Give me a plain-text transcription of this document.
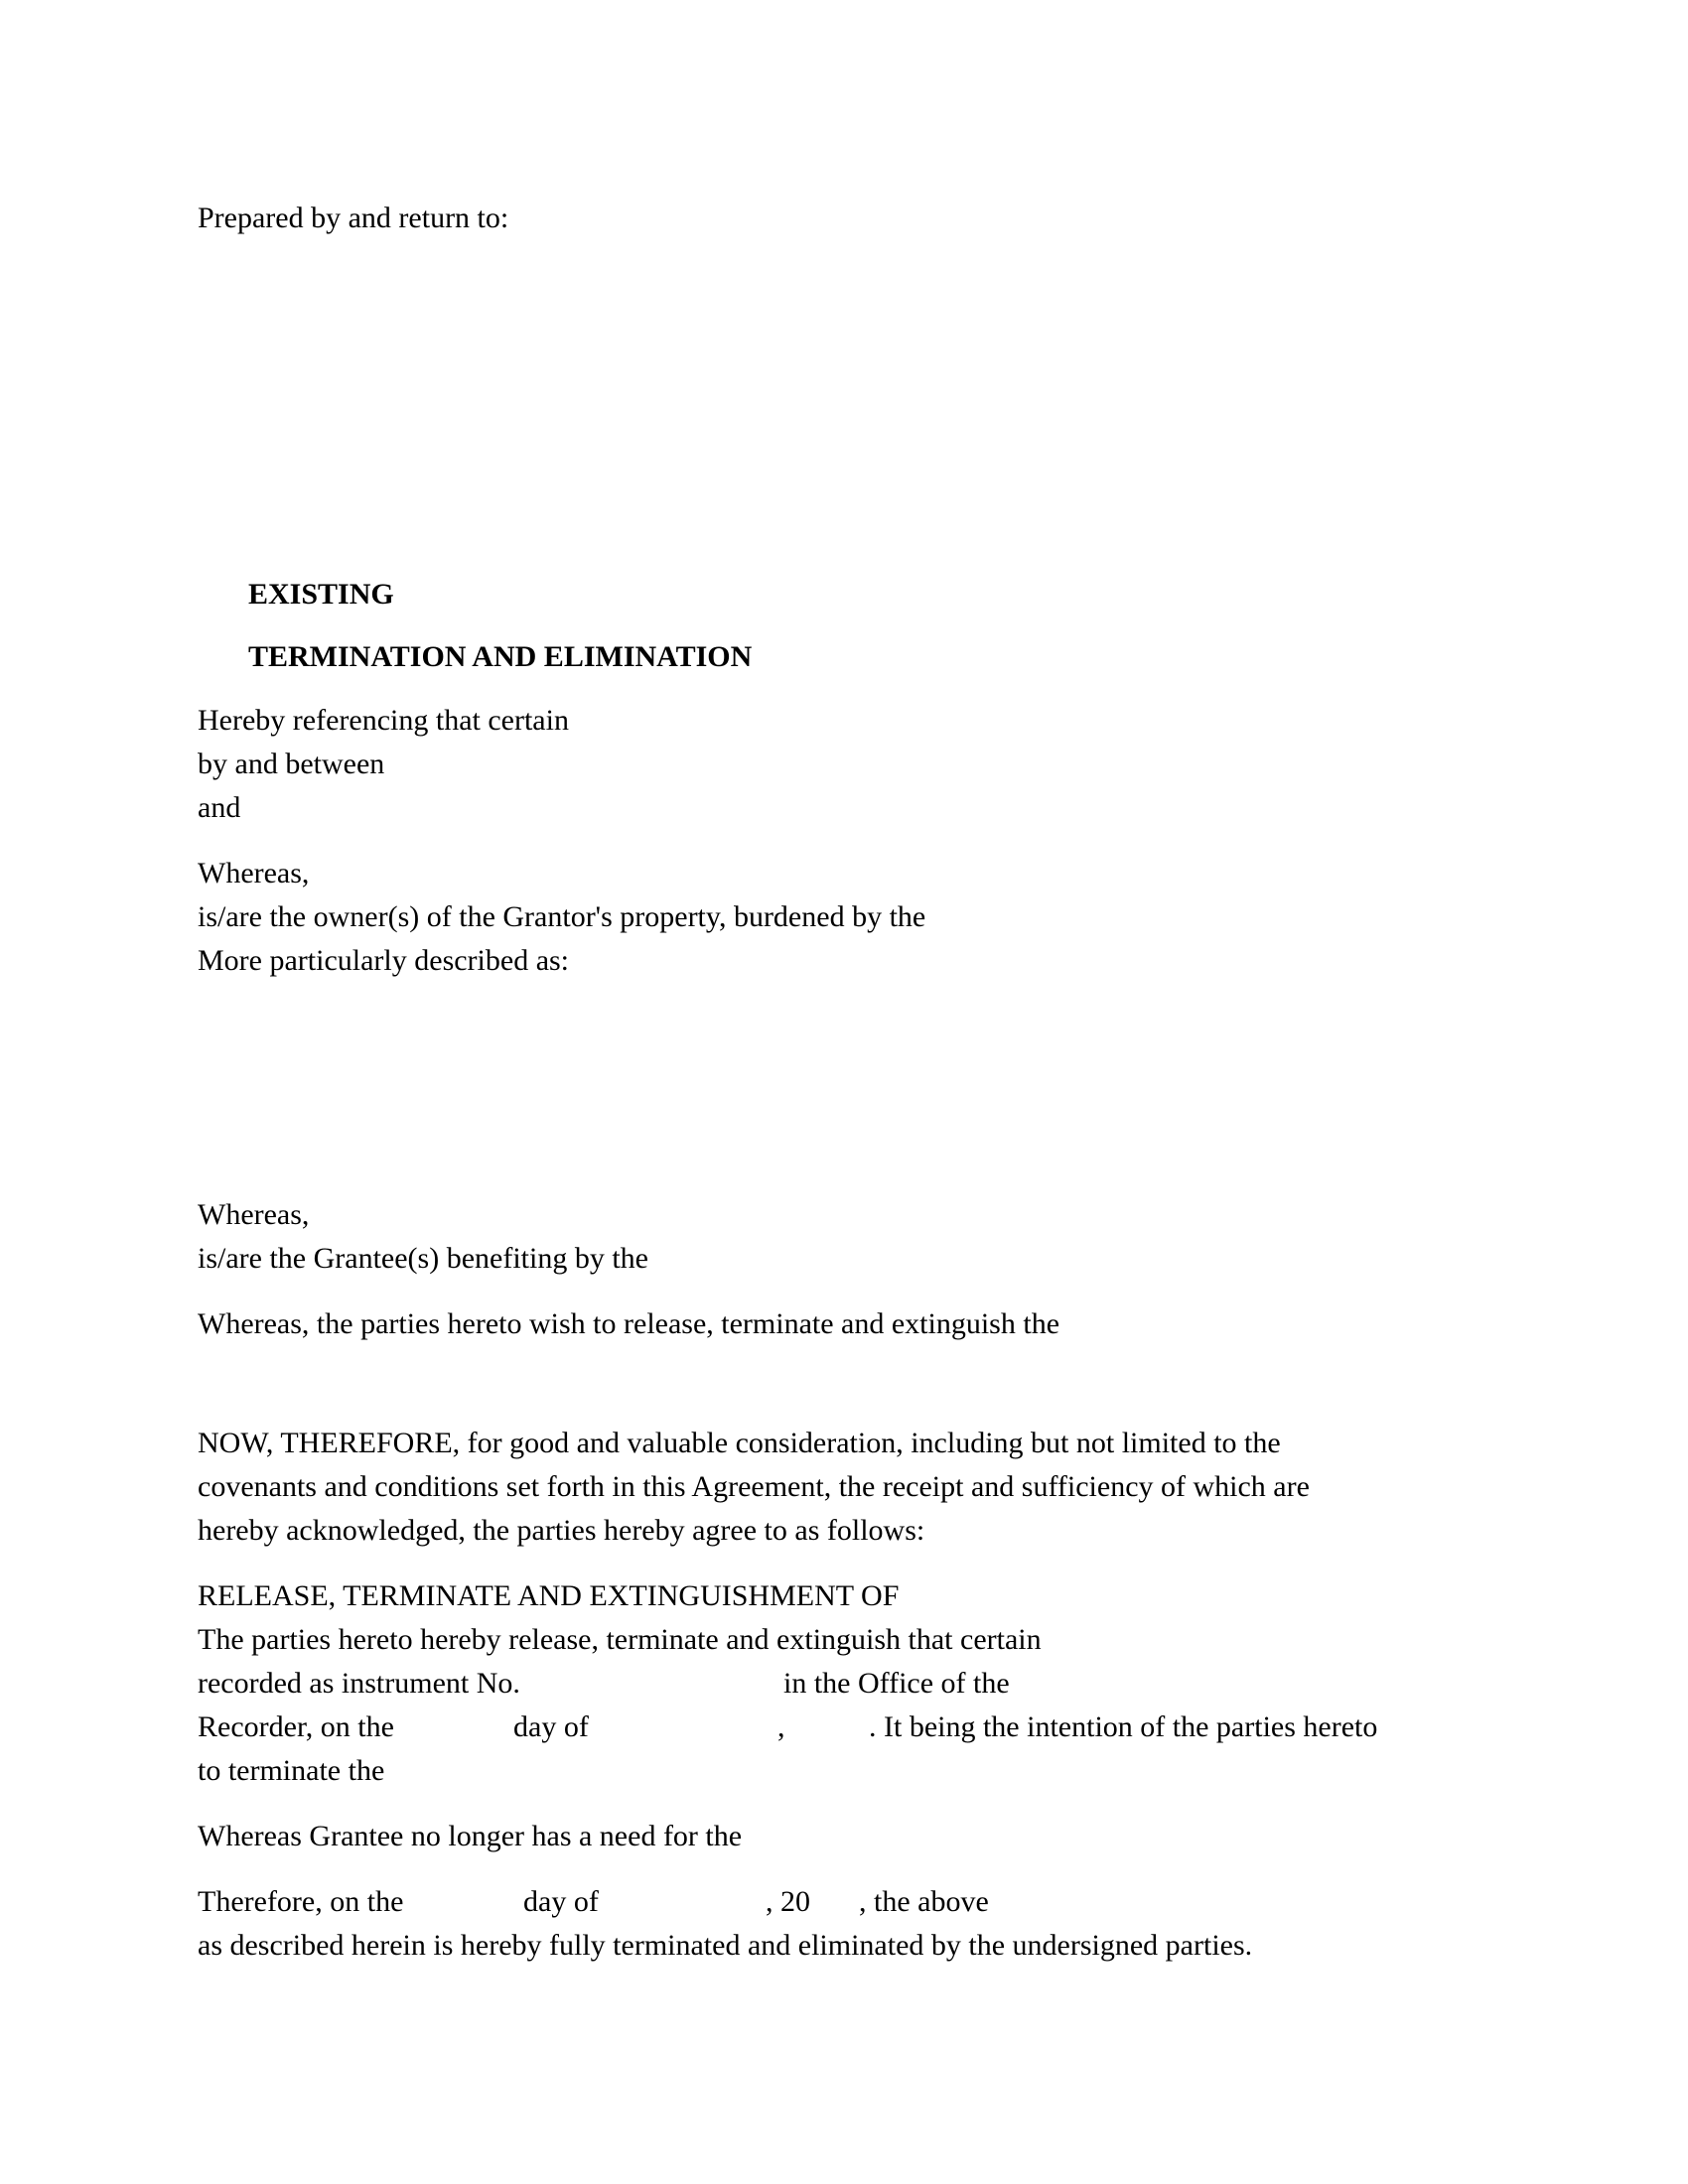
Prepared by and return to:
EXISTING
TERMINATION AND ELIMINATION
Hereby referencing that certain
by and between
and
Whereas,
is/are the owner(s) of the Grantor's property, burdened by the
More particularly described as:
Whereas,
is/are the Grantee(s) benefiting by the
Whereas, the parties hereto wish to release, terminate and extinguish the
NOW, THEREFORE, for good and valuable consideration, including but not limited to the
covenants and conditions set forth in this Agreement, the receipt and sufficiency of which are
hereby acknowledged, the parties hereby agree to as follows:
RELEASE, TERMINATE AND EXTINGUISHMENT OF
The parties hereto hereby release, terminate and extinguish that certain
recorded as instrument No.	in the Office of the
Recorder, on the	day of	,	. It being the intention of the parties hereto
to terminate the
Whereas Grantee no longer has a need for the
Therefore, on the	day of	, 20 , the above
as described herein is hereby fully terminated and eliminated by the undersigned parties.
